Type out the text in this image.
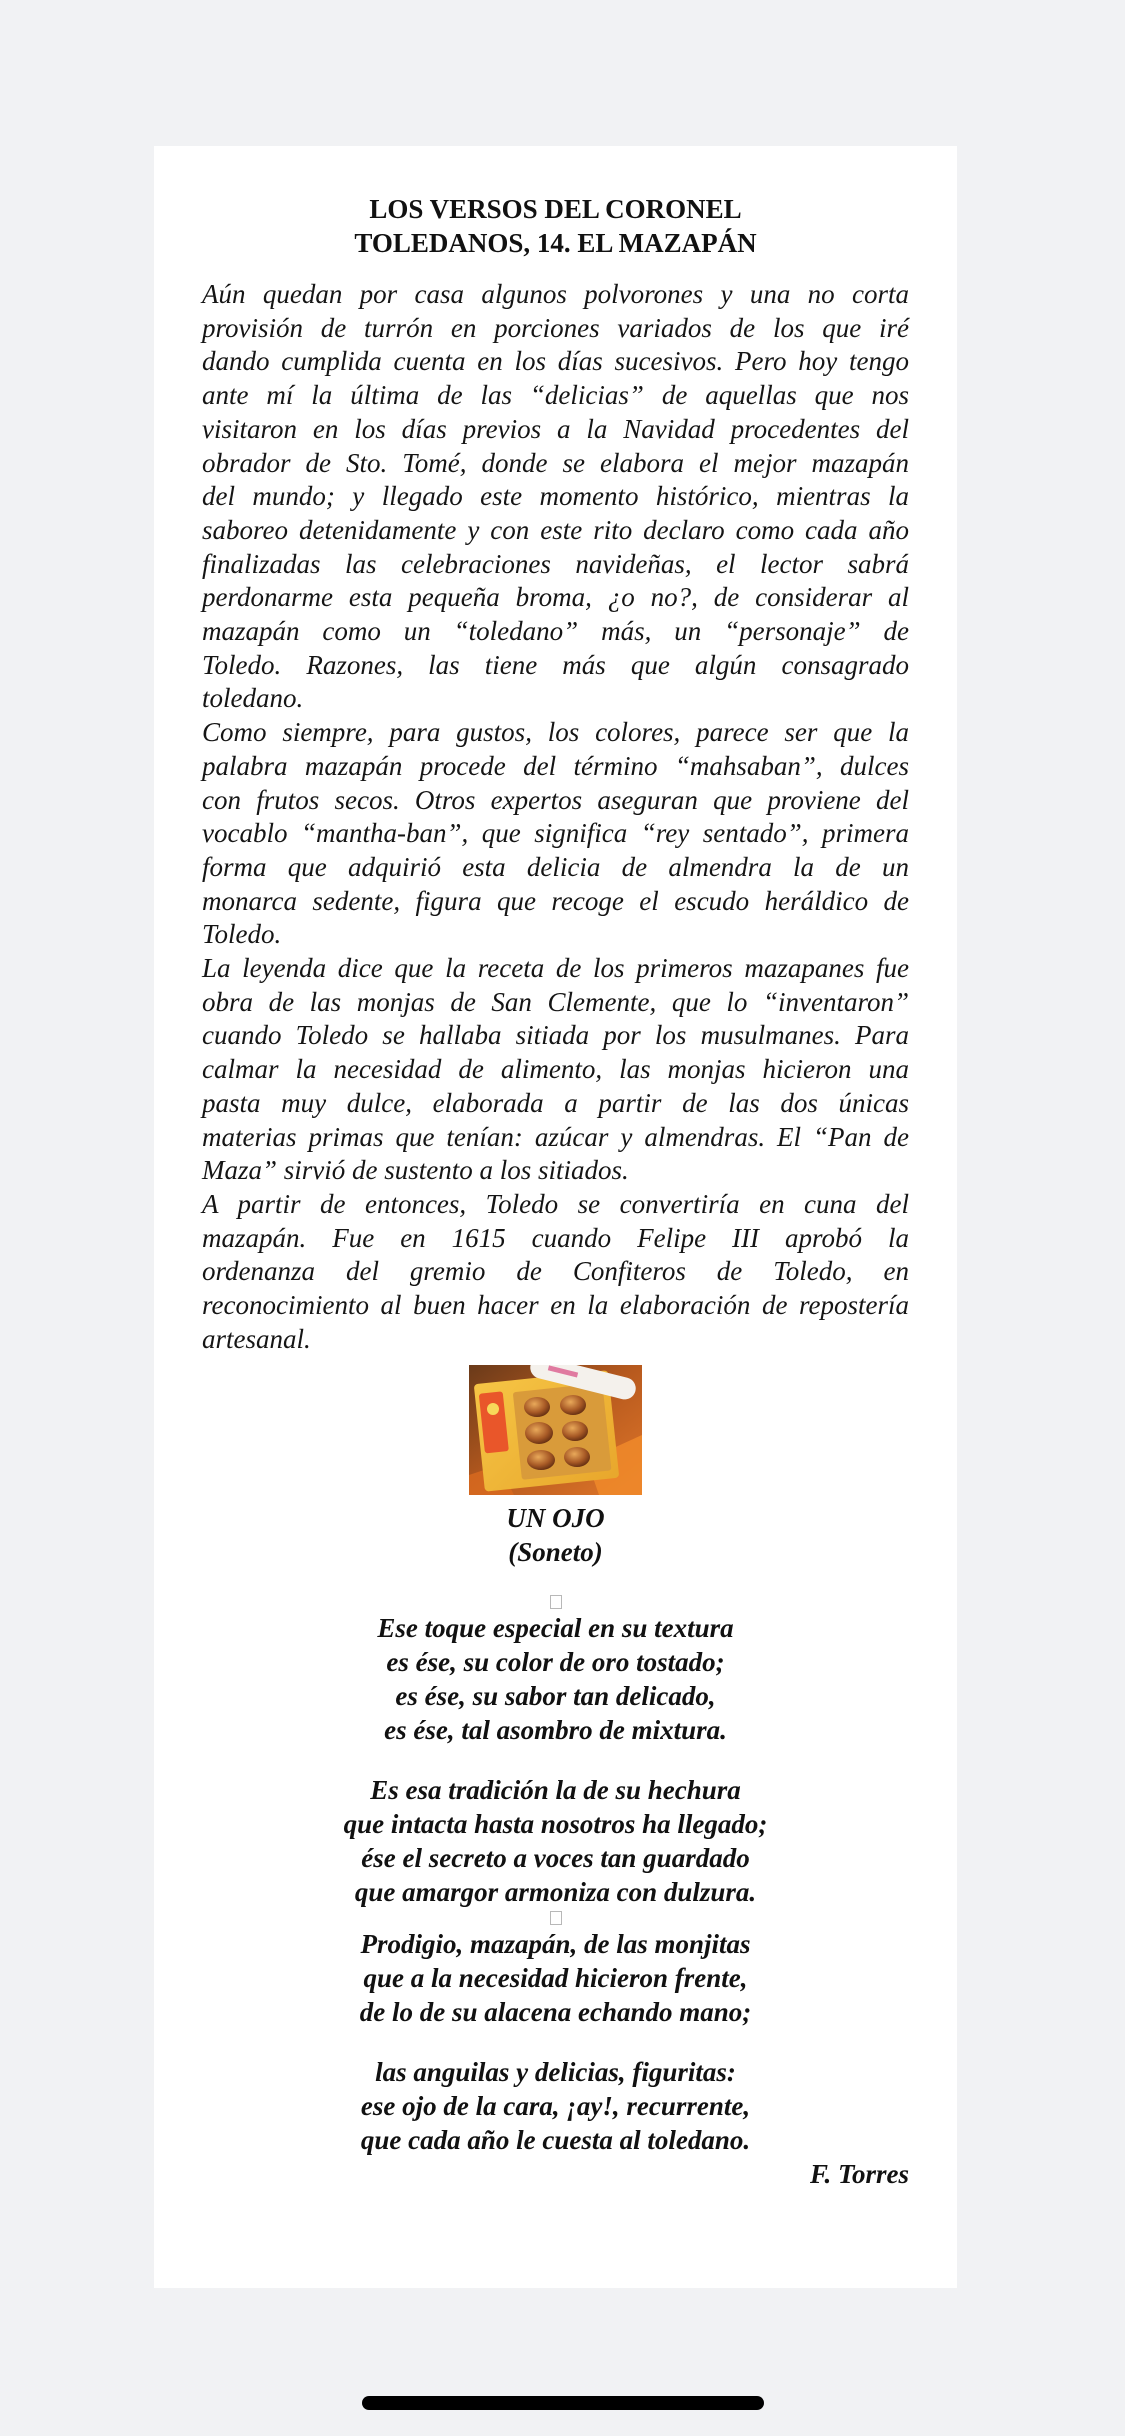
LOS VERSOS DEL CORONEL
TOLEDANOS, 14. EL MAZAPÁN

Aún quedan por casa algunos polvorones y una no corta
provisión de turrón en porciones variados de los que iré
dando cumplida cuenta en los días sucesivos. Pero hoy tengo
ante mí la última de las “delicias” de aquellas que nos
visitaron en los días previos a la Navidad procedentes del
obrador de Sto. Tomé, donde se elabora el mejor mazapán
del mundo; y llegado este momento histórico, mientras la
saboreo detenidamente y con este rito declaro como cada año
finalizadas las celebraciones navideñas, el lector sabrá
perdonarme esta pequeña broma, ¿o no?, de considerar al
mazapán como un “toledano” más, un “personaje” de
Toledo. Razones, las tiene más que algún consagrado
toledano.

Como siempre, para gustos, los colores, parece ser que la
palabra mazapán procede del término “mahsaban”, dulces
con frutos secos. Otros expertos aseguran que proviene del
vocablo “mantha-ban”, que significa “rey sentado”, primera
forma que adquirió esta delicia de almendra la de un
monarca sedente, figura que recoge el escudo heráldico de
Toledo.

La leyenda dice que la receta de los primeros mazapanes fue
obra de las monjas de San Clemente, que lo “inventaron”
cuando Toledo se hallaba sitiada por los musulmanes. Para
calmar la necesidad de alimento, las monjas hicieron una
pasta muy dulce, elaborada a partir de las dos únicas
materias primas que tenían: azúcar y almendras. El “Pan de
Maza” sirvió de sustento a los sitiados.

A partir de entonces, Toledo se convertiría en cuna del
mazapán. Fue en 1615 cuando Felipe III aprobó la
ordenanza del gremio de Confiteros de Toledo, en
reconocimiento al buen hacer en la elaboración de repostería
artesanal.

UN OJO
(Soneto)
Ese toque especial en su textura
es ése, su color de oro tostado;
es ése, su sabor tan delicado,
es ése, tal asombro de mixtura.
Es esa tradición la de su hechura
que intacta hasta nosotros ha llegado;
ése el secreto a voces tan guardado
que amargor armoniza con dulzura.
Prodigio, mazapán, de las monjitas
que a la necesidad hicieron frente,
de lo de su alacena echando mano;
las anguilas y delicias, figuritas:
ese ojo de la cara, ¡ay!, recurrente,
que cada año le cuesta al toledano.
F. Torres
